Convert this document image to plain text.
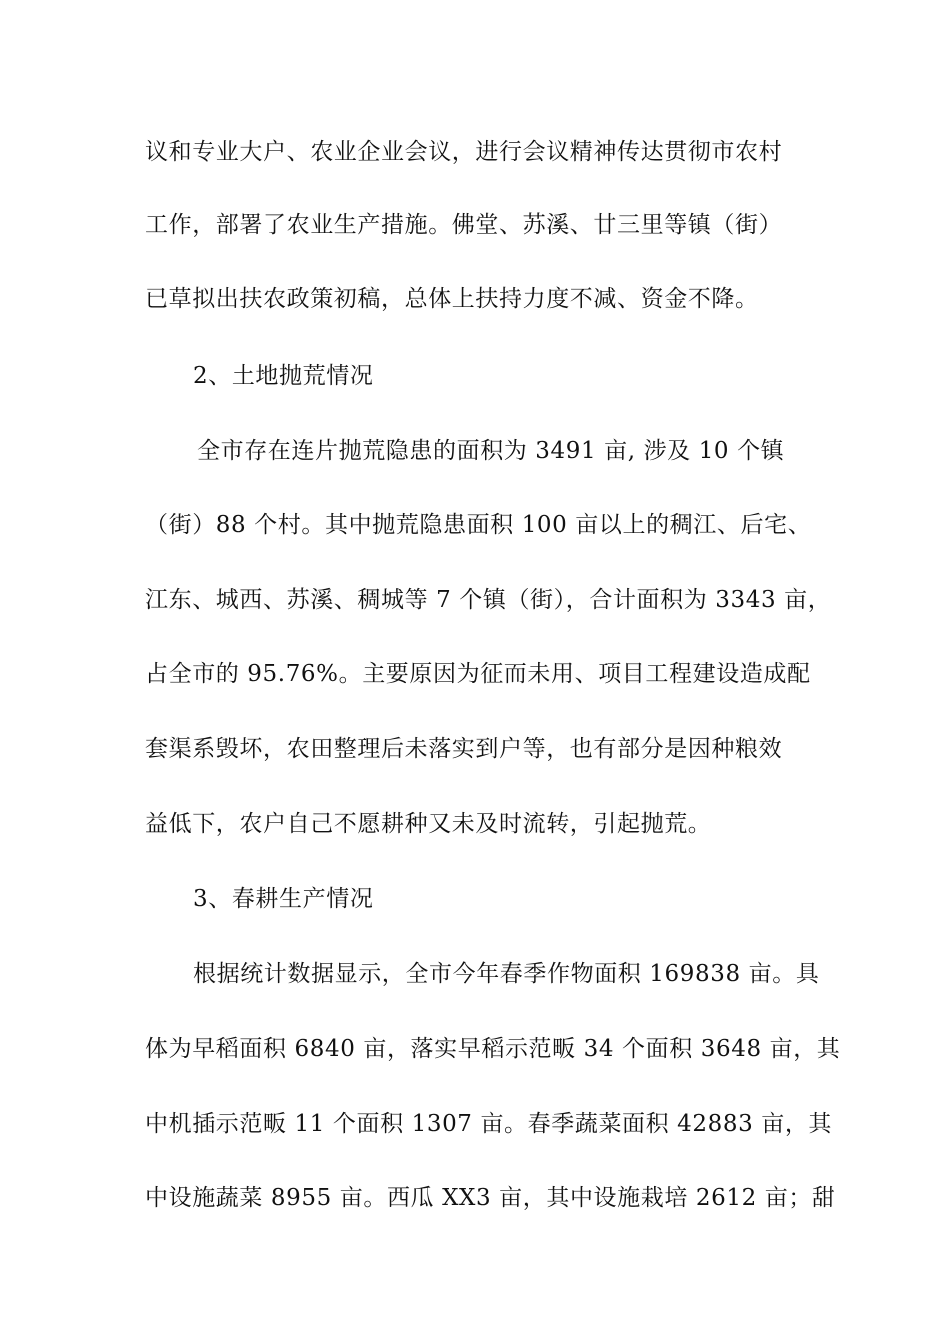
议和专业大户、农业企业会议，进行会议精神传达贯彻市农村
工作，部署了农业生产措施。佛堂、苏溪、廿三里等镇（街）
已草拟出扶农政策初稿，总体上扶持力度不减、资金不降。
2、土地抛荒情况
全市存在连片抛荒隐患的面积为 3491 亩, 涉及 10 个镇
（街）88 个村。其中抛荒隐患面积 100 亩以上的稠江、后宅、
江东、城西、苏溪、稠城等 7 个镇（街），合计面积为 3343 亩，
占全市的 95.76%。主要原因为征而未用、项目工程建设造成配
套渠系毁坏，农田整理后未落实到户等，也有部分是因种粮效
益低下，农户自己不愿耕种又未及时流转，引起抛荒。
3、春耕生产情况
根据统计数据显示，全市今年春季作物面积 169838 亩。具
体为早稻面积 6840 亩，落实早稻示范畈 34 个面积 3648 亩，其
中机插示范畈 11 个面积 1307 亩。春季蔬菜面积 42883 亩，其
中设施蔬菜 8955 亩。西瓜 XX3 亩，其中设施栽培 2612 亩；甜
